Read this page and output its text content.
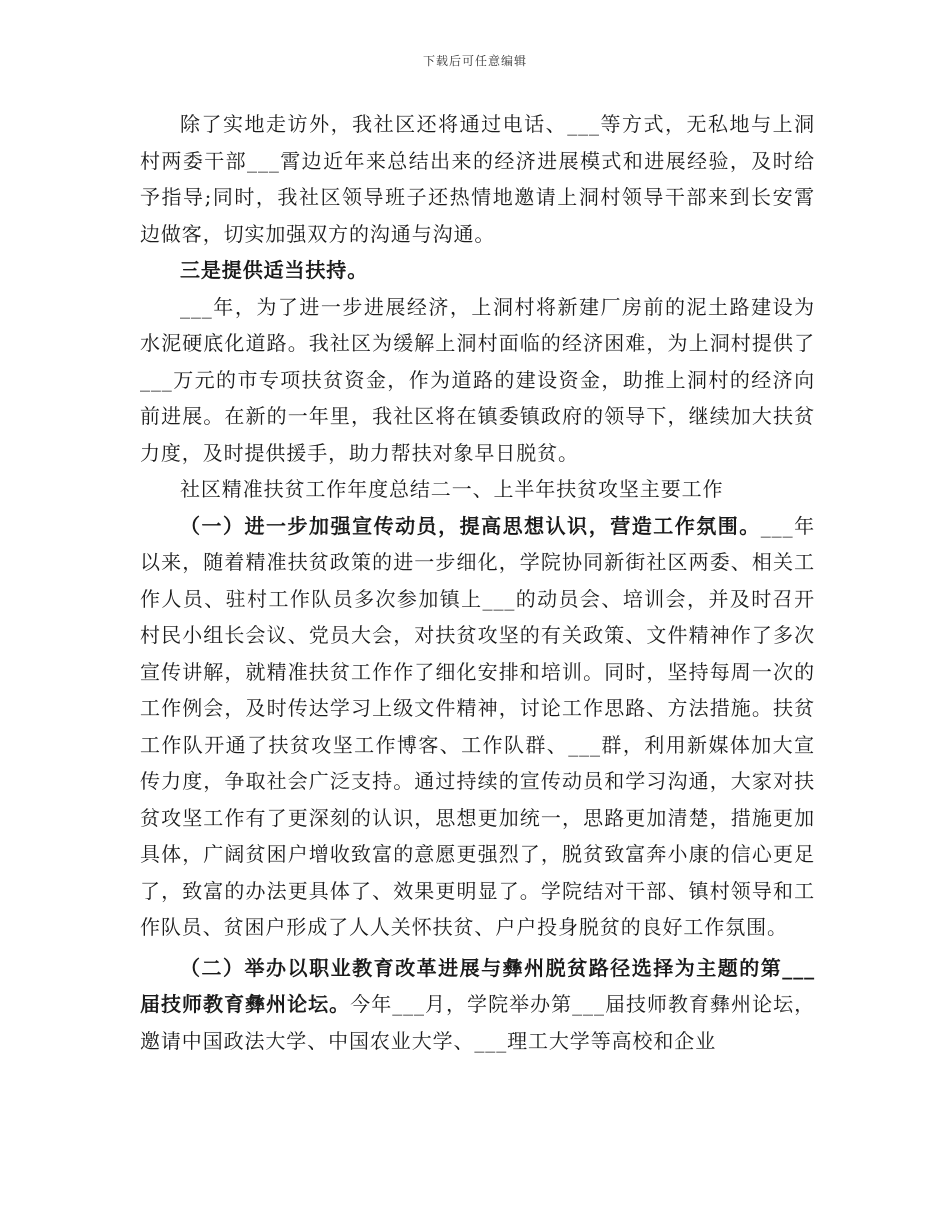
下载后可任意编辑

除了实地走访外，我社区还将通过电话、___等方式，无私地与上洞村两委干部___霄边近年来总结出来的经济进展模式和进展经验，及时给予指导;同时，我社区领导班子还热情地邀请上洞村领导干部来到长安霄边做客，切实加强双方的沟通与沟通。

三是提供适当扶持。

___年，为了进一步进展经济，上洞村将新建厂房前的泥土路建设为水泥硬底化道路。我社区为缓解上洞村面临的经济困难，为上洞村提供了___万元的市专项扶贫资金，作为道路的建设资金，助推上洞村的经济向前进展。在新的一年里，我社区将在镇委镇政府的领导下，继续加大扶贫力度，及时提供援手，助力帮扶对象早日脱贫。

社区精准扶贫工作年度总结二一、上半年扶贫攻坚主要工作

（一）进一步加强宣传动员，提高思想认识，营造工作氛围。___年以来，随着精准扶贫政策的进一步细化，学院协同新街社区两委、相关工作人员、驻村工作队员多次参加镇上___的动员会、培训会，并及时召开村民小组长会议、党员大会，对扶贫攻坚的有关政策、文件精神作了多次宣传讲解，就精准扶贫工作作了细化安排和培训。同时，坚持每周一次的工作例会，及时传达学习上级文件精神，讨论工作思路、方法措施。扶贫工作队开通了扶贫攻坚工作博客、工作队群、___群，利用新媒体加大宣传力度，争取社会广泛支持。通过持续的宣传动员和学习沟通，大家对扶贫攻坚工作有了更深刻的认识，思想更加统一，思路更加清楚，措施更加具体，广阔贫困户增收致富的意愿更强烈了，脱贫致富奔小康的信心更足了，致富的办法更具体了、效果更明显了。学院结对干部、镇村领导和工作队员、贫困户形成了人人关怀扶贫、户户投身脱贫的良好工作氛围。

（二）举办以职业教育改革进展与彝州脱贫路径选择为主题的第___届技师教育彝州论坛。今年___月，学院举办第___届技师教育彝州论坛，邀请中国政法大学、中国农业大学、___理工大学等高校和企业
